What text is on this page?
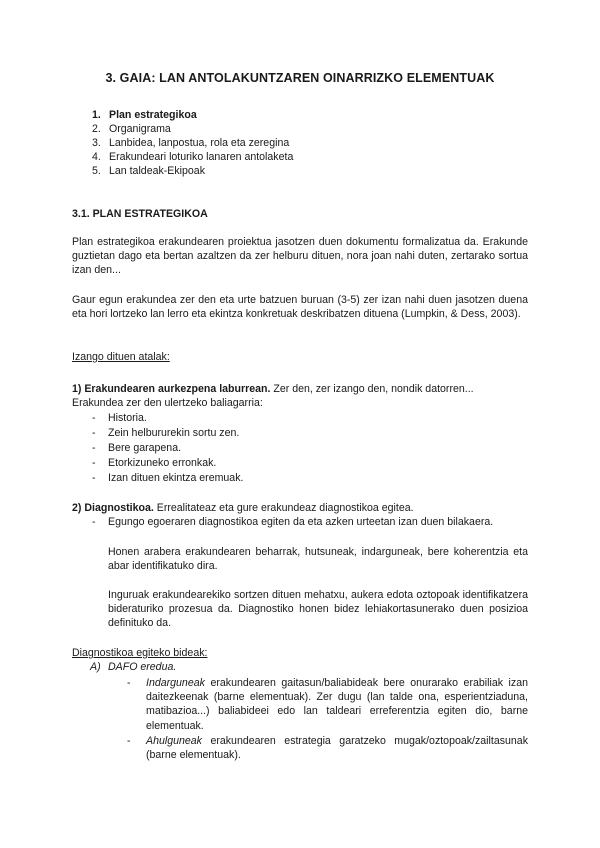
3. GAIA: LAN ANTOLAKUNTZAREN OINARRIZKO ELEMENTUAK
1. Plan estrategikoa
2. Organigrama
3. Lanbidea, lanpostua, rola eta zeregina
4. Erakundeari loturiko lanaren antolaketa
5. Lan taldeak-Ekipoak
3.1. PLAN ESTRATEGIKOA
Plan estrategikoa erakundearen proiektua jasotzen duen dokumentu formalizatua da. Erakunde guztietan dago eta bertan azaltzen da zer helburu dituen, nora joan nahi duten, zertarako sortua izan den...
Gaur egun erakundea zer den eta urte batzuen buruan (3-5) zer izan nahi duen jasotzen duena eta hori lortzeko lan lerro eta ekintza konkretuak deskribatzen dituena (Lumpkin, & Dess, 2003).
Izango dituen atalak:
1) Erakundearen aurkezpena laburrean. Zer den, zer izango den, nondik datorren...
Erakundea zer den ulertzeko baliagarria:
- Historia.
- Zein helbururekin sortu zen.
- Bere garapena.
- Etorkizuneko erronkak.
- Izan dituen ekintza eremuak.
2) Diagnostikoa. Errealitateaz eta gure erakundeaz diagnostikoa egitea.
- Egungo egoeraren diagnostikoa egiten da eta azken urteetan izan duen bilakaera.
Honen arabera erakundearen beharrak, hutsuneak, indarguneak, bere koherentzia eta abar identifikatuko dira.
Inguruak erakundearekiko sortzen dituen mehatxu, aukera edota oztopoak identifikatzera bideraturiko prozesua da. Diagnostiko honen bidez lehiakortasunerako duen posizioa definituko da.
Diagnostikoa egiteko bideak:
A) DAFO eredua.
- Indarguneak erakundearen gaitasun/baliabideak bere onurarako erabiliak izan daitezkeenak (barne elementuak). Zer dugu (lan talde ona, esperientziaduna, matibazioa...) baliabideei edo lan taldeari erreferentzia egiten dio, barne elementuak.
- Ahulguneak erakundearen estrategia garatzeko mugak/oztopoak/zailtasunak (barne elementuak).
